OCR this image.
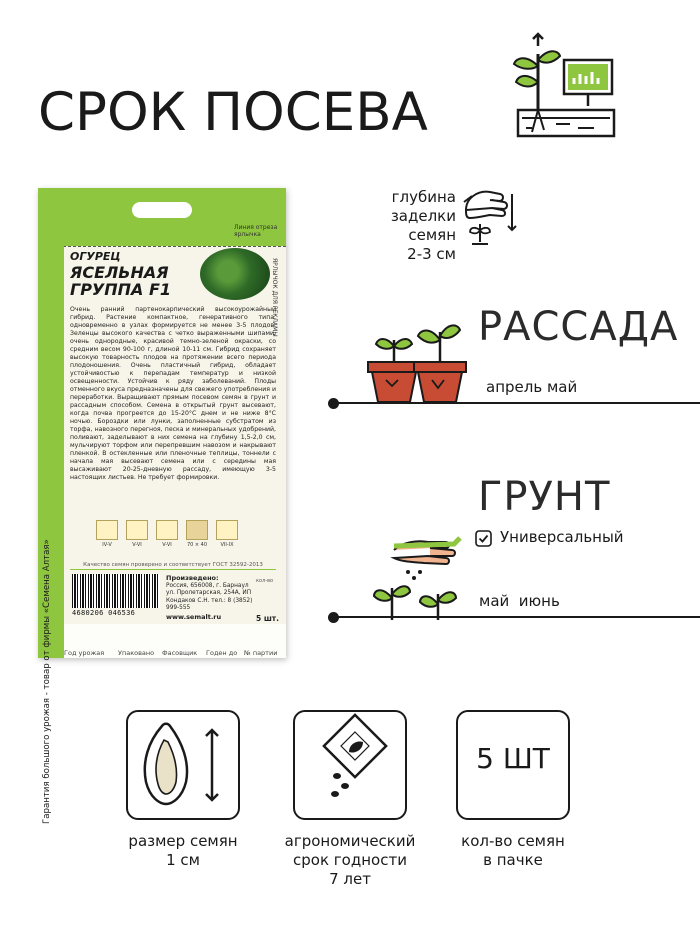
СРОК ПОСЕВА
Линия отреза ярлычка
Гарантия большого урожая - товар от фирмы «Семена Алтая»
ЯРЛЫЧОК ДЛЯ РЕКЛАМЫ
ОГУРЕЦ
ЯСЕЛЬНАЯ ГРУППА F1
Очень ранний партенокарпический высокоурожайный гибрид. Растение компактное, генеративного типа, одновременно в узлах формируется не менее 3-5 плодов. Зеленцы высокого качества с четко выраженными шипами, очень однородные, красивой темно-зеленой окраски, со средним весом 90-100 г, длиной 10-11 см. Гибрид сохраняет высокую товарность плодов на протяжении всего периода плодоношения. Очень пластичный гибрид, обладает устойчивостью к перепадам температур и низкой освещенности. Устойчив к ряду заболеваний. Плоды отменного вкуса предназначены для свежего употребления и переработки. Выращивают прямым посевом семян в грунт и рассадным способом. Семена в открытый грунт высевают, когда почва прогреется до 15-20°С днем и не ниже 8°С ночью. Бороздки или лунки, заполненные субстратом из торфа, навозного перегноя, песка и минеральных удобрений, поливают, заделывают в них семена на глубину 1,5-2,0 см, мульчируют торфом или перепревшим навозом и накрывают пленкой. В остекленные или пленочные теплицы, тоннели с начала мая высевают семена или с середины мая высаживают 20-25-дневную рассаду, имеющую 3-5 настоящих листьев. Не требует формировки.
IV-V	V-VI	V-VI	70 × 40	VII-IX
Качество семян проверено и соответствует ГОСТ 32592-2013
4680206 046536
Произведено:
Россия, 656008, г. Барнаул ул. Пролетарская, 254А, ИП Кондаков С.Н. тел.: 8 (3852) 999-555
www.semalt.ru
кол-во
5 шт.
Год урожая Упаковано Фасовщик Годен до № партии
глубина
заделки
семян
2-3 см
РАССАДА
апрель май
ГРУНТ
Универсальный
май  июнь
размер семян
1 см
агрономический
срок годности
7 лет
5 ШТ
кол-во семян
в пачке
